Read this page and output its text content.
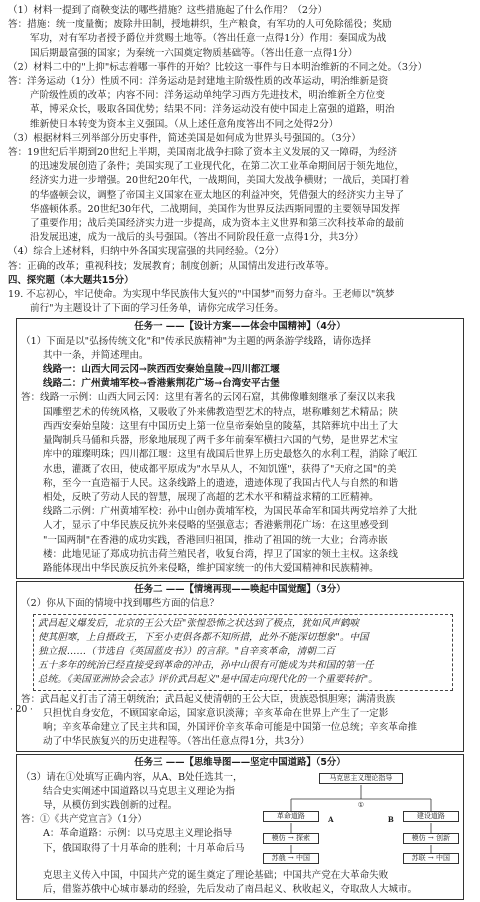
（1）材料一提到了商鞅变法的哪些措施？这些措施起了什么作用？（2分）
答：措施：统一度量衡；废除井田制，授地耕织，生产粮食，有军功的人可免除徭役；奖励
军功，对有军功者授予爵位并赏赐土地等。（答出任意一点得1分）作用：秦国成为战
国后期最富强的国家；为秦统一六国奠定物质基础等。（答出任意一点得1分）
（2）材料二中的"上抑"标志着哪一事件的开始？比较这一事件与日本明治维新的不同之处。（3分）
答：洋务运动（1分）性质不同：洋务运动是封建地主阶级性质的改革运动，明治维新是资
产阶级性质的改革；内容不同：洋务运动单纯学习西方先进技术，明治维新全方位变
革，博采众长，吸取各国优势；结果不同：洋务运动没有使中国走上富强的道路，明治
维新使日本转变为资本主义强国。（从上述任意角度答出不同之处得2分）
（3）根据材料三列举部分历史事件，简述美国是如何成为世界头号强国的。（3分）
答：19世纪后半期到20世纪上半期，美国南北战争扫除了资本主义发展的又一障碍，为经济
的迅速发展创造了条件；美国实现了工业现代化，在第二次工业革命期间居于领先地位，
经济实力进一步增强。20世纪20年代，一战期间，美国大发战争横财；一战后，美国打着
的华盛顿会议，调整了帝国主义国家在亚太地区的利益冲突，凭借强大的经济实力主导了
华盛顿体系。20世纪30年代，二战期间，美国作为世界反法西斯同盟的主要领导国发挥
了重要作用；战后美国经济实力进一步提高，成为资本主义世界和第三次科技革命的最前
沿发展迅速，成为一战后的头号强国。（答出不同阶段任意一点得1分，共3分）
（4）综合上述材料，归纳中外各国实现富强的共同经验。（2分）
答：正确的改革；重视科技；发展教育；制度创新；从国情出发进行改革等。
四、探究题（本大题共15分）
19. 不忘初心，牢记使命。为实现中华民族伟大复兴的"中国梦"而努力奋斗。王老师以"筑梦
前行"为主题设计了下面的学习任务单，请你完成学习任务。
任务一 ——【设计方案——体会中国精神】（4分）
（1）下面是以"弘扬传统文化"和"传承民族精神"为主题的两条游学线路，请你选择
其中一条，并简述理由。
线路一：山西大同云冈→陕西西安秦始皇陵→四川都江堰
线路二：广州黄埔军校→香港紫荆花广场→台湾安平古堡
答：线路一示例：山西大同云冈：这里有著名的云冈石窟，其佛像雕刻继承了秦汉以来我
国雕塑艺术的传统风格，又吸收了外来佛教造型艺术的特点，堪称雕刻艺术精品；陕
西西安秦始皇陵：这里有中国历史上第一位皇帝秦始皇的陵墓，其陪葬坑中出土了大
量陶制兵马俑和兵器，形象地展现了两千多年前秦军横扫六国的气势，是世界艺术宝
库中的璀璨明珠；四川都江堰：这里有战国后世界上历史最悠久的水利工程，消除了岷江
水患，灌溉了农田，使成都平原成为"水旱从人，不知饥馑"，获得了"天府之国"的美
称，至今一直造福于人民。这条线路上的遗迹，遗迹体现了我国古代人与自然的和谐
相处，反映了劳动人民的智慧，展现了高超的艺术水平和精益求精的工匠精神。
线路二示例：广州黄埔军校：孙中山创办黄埔军校，为国民革命军和国共两党培养了大批
人才，显示了中华民族反抗外来侵略的坚强意志；香港紫荆花广场：在这里感受到
"一国两制"在香港的成功实践，香港回归祖国，推动了祖国的统一大业；台湾赤嵌
楼：此地见证了郑成功抗击荷兰殖民者，收复台湾，捍卫了国家的领土主权。这条线
路能体现出中华民族反抗外来侵略，维护国家统一的伟大爱国精神和民族精神。
任务二 ——【情境再现——唤起中国觉醒】（3分）
（2）你从下面的情境中找到哪些方面的信息？
武昌起义爆发后，北京的王公大臣"张惶恐怖之状达到了极点，犹如风声鹤唳
使其胆寒，上自摄政王，下至小吏俱各都不知所措，此外不能深切想象"。中国
独立报……（节选自《英国蓝皮书》）的言辞。"自辛亥革命，清朝二百
五十多年的统治已经直接受到革命的冲击，孙中山很有可能成为共和国的第一任
总统。《美国亚洲协会会志》评价武昌起义"是中国走向现代化的一个重要转折"。
答：武昌起义打击了清王朝统治；武昌起义使清朝的王公大臣，贵族恐惧胆寒；满清贵族
只担忧自身安危，不顾国家命运，国家意识淡薄；辛亥革命在世界上产生了一定影
响；辛亥革命建立了民主共和国，外国评价辛亥革命可能是中国第一位总统；辛亥革命推
动了中华民族复兴的历史进程等。（答出任意点得1分，共3分）
任务三 ——【思维导图——坚定中国道路】（5分）
（3）请在①处填写正确内容，从A、B处任选其一，
结合史实阐述中国道路以马克思主义理论为指
导，从模仿到实践创新的过程。
答：①《共产党宣言》（1分）
A：革命道路：示例：以马克思主义理论指导
下，俄国取得了十月革命的胜利；十月革命后马
马克思主义理论指导
①
革命道路	建设道路
模仿 → 探索	模仿 → 创新
苏俄 → 中国	苏联 → 中国
A	B
克思主义传入中国，中国共产党的诞生奠定了理论基础；中国共产党在大革命失败
后，借鉴苏俄中心城市暴动的经验，先后发动了南昌起义、秋收起义，夺取敌人大城市。
· 20 ·
